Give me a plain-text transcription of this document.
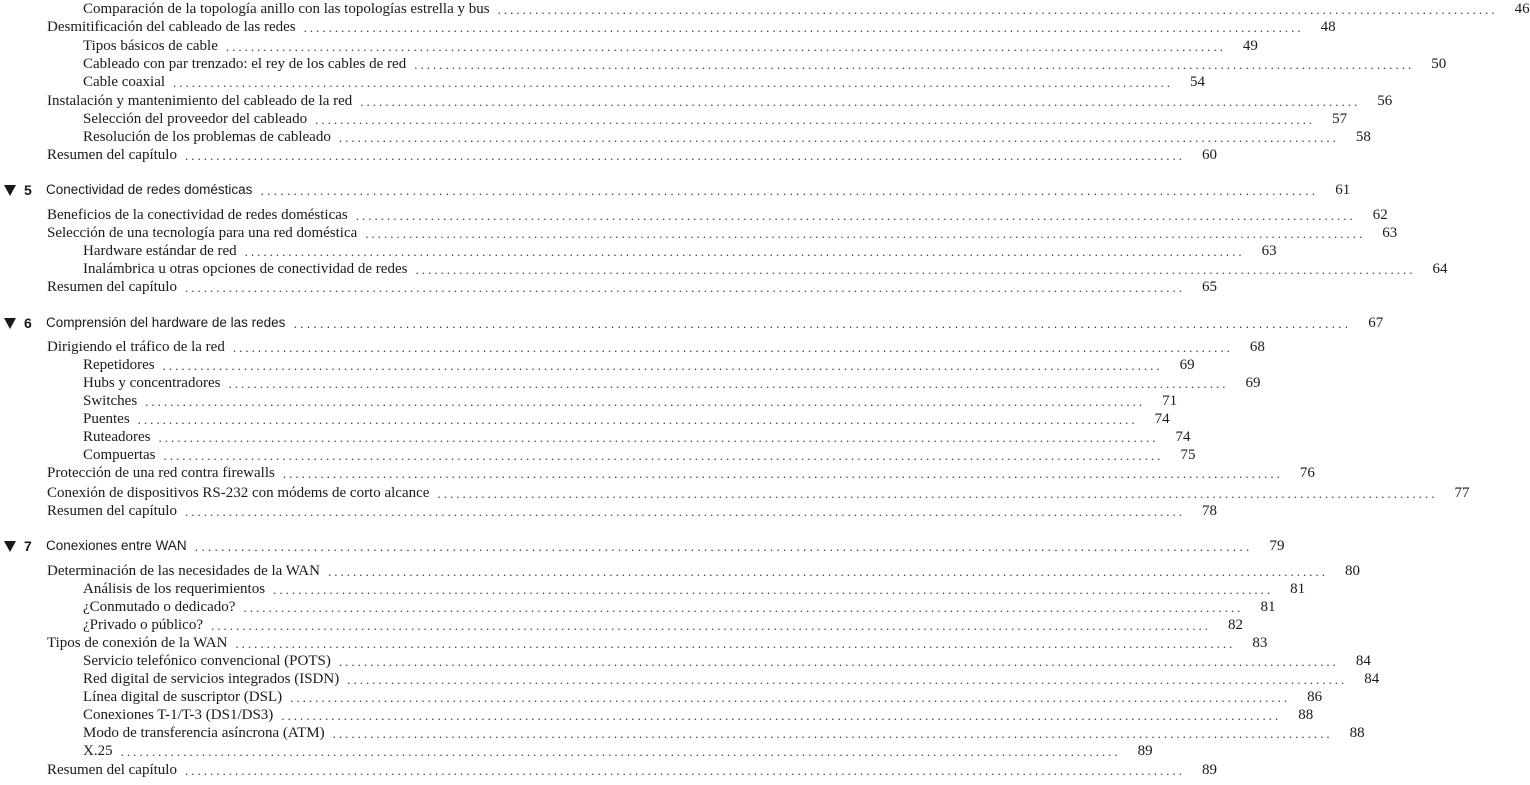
Comparación de la topología anillo con las topologías estrella y bus ................................................................................................................................................................	46
Desmitificación del cableado de las redes ................................................................................................................................................................	48
Tipos básicos de cable ................................................................................................................................................................	49
Cableado con par trenzado: el rey de los cables de red ................................................................................................................................................................	50
Cable coaxial ................................................................................................................................................................	54
Instalación y mantenimiento del cableado de la red ................................................................................................................................................................	56
Selección del proveedor del cableado ................................................................................................................................................................	57
Resolución de los problemas de cableado ................................................................................................................................................................	58
Resumen del capítulo ................................................................................................................................................................	60
5	Conectividad de redes domésticas ................................................................................................................................................................	61
Beneficios de la conectividad de redes domésticas ................................................................................................................................................................	62
Selección de una tecnología para una red doméstica ................................................................................................................................................................	63
Hardware estándar de red ................................................................................................................................................................	63
Inalámbrica u otras opciones de conectividad de redes ................................................................................................................................................................	64
Resumen del capítulo ................................................................................................................................................................	65
6	Comprensión del hardware de las redes ................................................................................................................................................................	67
Dirigiendo el tráfico de la red ................................................................................................................................................................	68
Repetidores ................................................................................................................................................................	69
Hubs y concentradores ................................................................................................................................................................	69
Switches ................................................................................................................................................................	71
Puentes ................................................................................................................................................................	74
Ruteadores ................................................................................................................................................................	74
Compuertas ................................................................................................................................................................	75
Protección de una red contra firewalls ................................................................................................................................................................	76
Conexión de dispositivos RS-232 con módems de corto alcance ................................................................................................................................................................	77
Resumen del capítulo ................................................................................................................................................................	78
7	Conexiones entre WAN ................................................................................................................................................................	79
Determinación de las necesidades de la WAN ................................................................................................................................................................	80
Análisis de los requerimientos ................................................................................................................................................................	81
¿Conmutado o dedicado? ................................................................................................................................................................	81
¿Privado o público? ................................................................................................................................................................	82
Tipos de conexión de la WAN ................................................................................................................................................................	83
Servicio telefónico convencional (POTS) ................................................................................................................................................................	84
Red digital de servicios integrados (ISDN) ................................................................................................................................................................	84
Línea digital de suscriptor (DSL) ................................................................................................................................................................	86
Conexiones T-1/T-3 (DS1/DS3) ................................................................................................................................................................	88
Modo de transferencia asíncrona (ATM) ................................................................................................................................................................	88
X.25 ................................................................................................................................................................	89
Resumen del capítulo ................................................................................................................................................................	89
